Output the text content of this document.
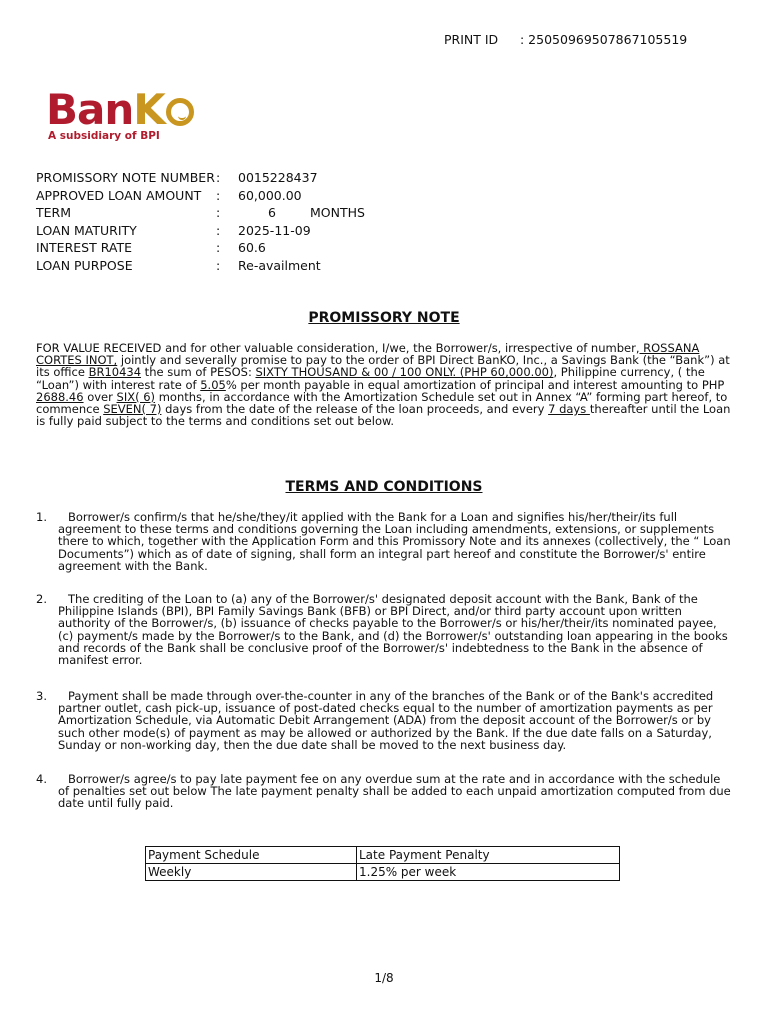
PRINT ID : 25050969507867105519
BanK
A subsidiary of BPI
PROMISSORY NOTE NUMBER : 0015228437
APPROVED LOAN AMOUNT : 60,000.00
TERM	:	6	MONTHS
LOAN MATURITY	: 2025-11-09
INTEREST RATE	: 60.6
LOAN PURPOSE	: Re-availment
PROMISSORY NOTE
FOR VALUE RECEIVED and for other valuable consideration, I/we, the Borrower/s, irrespective of number, ROSSANA CORTES INOT, jointly and severally promise to pay to the order of BPI Direct BanKO, Inc., a Savings Bank (the “Bank”) at its office BR10434 the sum of PESOS: SIXTY THOUSAND & 00 / 100 ONLY. (PHP 60,000.00), Philippine currency, ( the “Loan”) with interest rate of 5.05% per month payable in equal amortization of principal and interest amounting to PHP 2688.46 over SIX( 6) months, in accordance with the Amortization Schedule set out in Annex “A” forming part hereof, to commence SEVEN( 7) days from the date of the release of the loan proceeds, and every 7 days thereafter until the Loan is fully paid subject to the terms and conditions set out below.
TERMS AND CONDITIONS
1.	Borrower/s confirm/s that he/she/they/it applied with the Bank for a Loan and signifies his/her/their/its full agreement to these terms and conditions governing the Loan including amendments, extensions, or supplements there to which, together with the Application Form and this Promissory Note and its annexes (collectively, the “ Loan Documents”) which as of date of signing, shall form an integral part hereof and constitute the Borrower/s' entire agreement with the Bank.
2.	The crediting of the Loan to (a) any of the Borrower/s' designated deposit account with the Bank, Bank of the Philippine Islands (BPI), BPI Family Savings Bank (BFB) or BPI Direct, and/or third party account upon written authority of the Borrower/s, (b) issuance of checks payable to the Borrower/s or his/her/their/its nominated payee, (c) payment/s made by the Borrower/s to the Bank, and (d) the Borrower/s' outstanding loan appearing in the books and records of the Bank shall be conclusive proof of the Borrower/s' indebtedness to the Bank in the absence of manifest error.
3.	Payment shall be made through over-the-counter in any of the branches of the Bank or of the Bank's accredited partner outlet, cash pick-up, issuance of post-dated checks equal to the number of amortization payments as per Amortization Schedule, via Automatic Debit Arrangement (ADA) from the deposit account of the Borrower/s or by such other mode(s) of payment as may be allowed or authorized by the Bank. If the due date falls on a Saturday, Sunday or non-working day, then the due date shall be moved to the next business day.
4.	Borrower/s agree/s to pay late payment fee on any overdue sum at the rate and in accordance with the schedule of penalties set out below The late payment penalty shall be added to each unpaid amortization computed from due date until fully paid.
Payment Schedule	Late Payment Penalty
Weekly	1.25% per week
1/8
